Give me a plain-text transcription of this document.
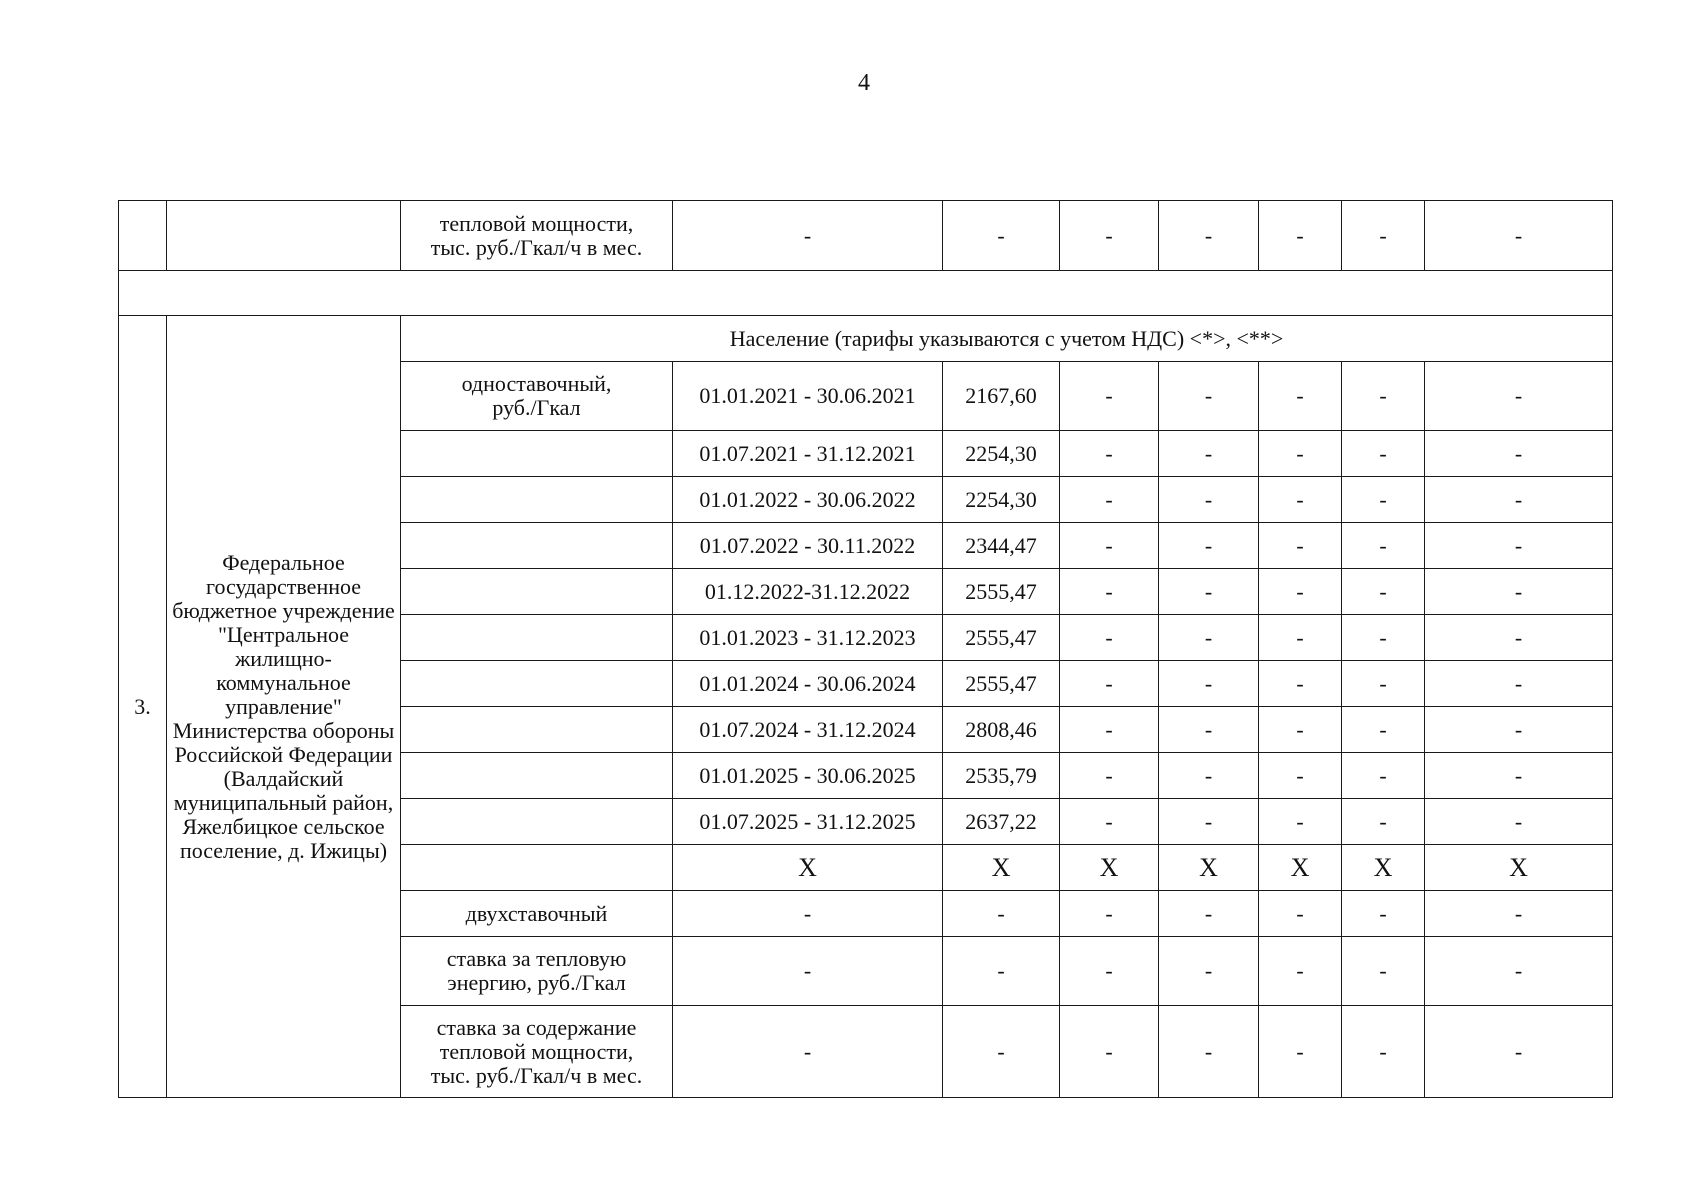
4
		тепловой мощности,
тыс. руб./Гкал/ч в мес.	-	-	-	-	-	-	-

3.	Федеральное государственное бюджетное учреждение "Центральное жилищно-коммунальное управление" Министерства обороны Российской Федерации (Валдайский муниципальный район, Яжелбицкое сельское поселение, д. Ижицы)	Население (тарифы указываются с учетом НДС) <*>, <**>							
		одноставочный,
руб./Гкал	01.01.2021 - 30.06.2021	2167,60	-	-	-	-	-
			01.07.2021 - 31.12.2021	2254,30	-	-	-	-	-
			01.01.2022 - 30.06.2022	2254,30	-	-	-	-	-
			01.07.2022 - 30.11.2022	2344,47	-	-	-	-	-
			01.12.2022-31.12.2022	2555,47	-	-	-	-	-
			01.01.2023 - 31.12.2023	2555,47	-	-	-	-	-
			01.01.2024 - 30.06.2024	2555,47	-	-	-	-	-
			01.07.2024 - 31.12.2024	2808,46	-	-	-	-	-
			01.01.2025 - 30.06.2025	2535,79	-	-	-	-	-
			01.07.2025 - 31.12.2025	2637,22	-	-	-	-	-
			X	X	X	X	X	X	X
		двухставочный	-	-	-	-	-	-	-
		ставка за тепловую
энергию, руб./Гкал	-	-	-	-	-	-	-
		ставка за содержание
тепловой мощности,
тыс. руб./Гкал/ч в мес.	-	-	-	-	-	-	-
